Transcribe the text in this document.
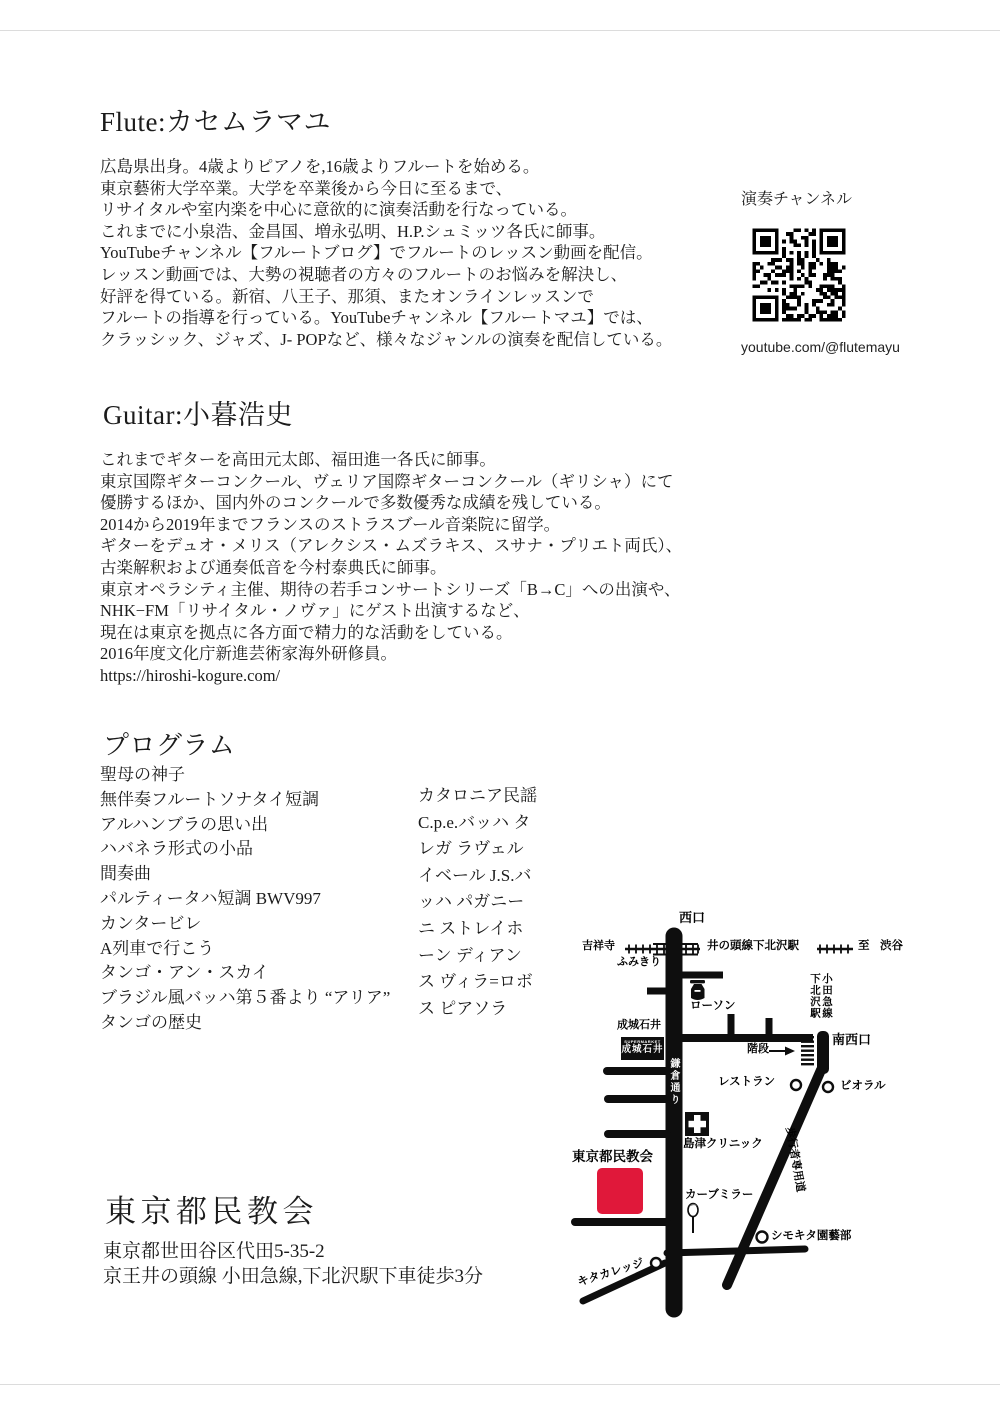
Flute:カセムラマユ
広島県出身。4歳よりピアノを,16歳よりフルートを始める。
東京藝術大学卒業。大学を卒業後から今日に至るまで、
リサイタルや室内楽を中心に意欲的に演奏活動を行なっている。
これまでに小泉浩、金昌国、増永弘明、H.P.シュミッツ各氏に師事。
YouTubeチャンネル【フルートブログ】でフルートのレッスン動画を配信。
レッスン動画では、大勢の視聴者の方々のフルートのお悩みを解決し、
好評を得ている。新宿、八王子、那須、またオンラインレッスンで
フルートの指導を行っている。YouTubeチャンネル【フルートマユ】では、
クラッシック、ジャズ、J- POPなど、様々なジャンルの演奏を配信している。
演奏チャンネル
youtube.com/@flutemayu
Guitar:小暮浩史
これまでギターを高田元太郎、福田進一各氏に師事。
東京国際ギターコンクール、ヴェリア国際ギターコンクール（ギリシャ）にて
優勝するほか、国内外のコンクールで多数優秀な成績を残している。
2014から2019年までフランスのストラスブール音楽院に留学。
ギターをデュオ・メリス（アレクシス・ムズラキス、スサナ・プリエト両氏）、
古楽解釈および通奏低音を今村泰典氏に師事。
東京オペラシティ主催、期待の若手コンサートシリーズ「B→C」への出演や、
NHK−FM「リサイタル・ノヴァ」にゲスト出演するなど、
現在は東京を拠点に各方面で精力的な活動をしている。
2016年度文化庁新進芸術家海外研修員。
https://hiroshi-kogure.com/
プログラム
聖母の神子
無伴奏フルートソナタイ短調
アルハンブラの思い出
ハバネラ形式の小品
間奏曲
パルティータハ短調 BWV997
カンタービレ
A列車で行こう
タンゴ・アン・スカイ
ブラジル風バッハ第５番より “アリア”
タンゴの歴史
カタロニア民謡
C.p.e.バッハ タ
レガ ラヴェル
イベール J.S.バ
ッハ パガニー
ニ ストレイホ
ーン ディアン
ス ヴィラ=ロボ
ス ピアソラ
西口
吉祥寺	井の頭線下北沢駅	至 渋谷
ふみきり
ローソン
成城石井
SUPERMARKET
成城石井	階段
南西口
小田急線
下北沢駅
レストラン	ビオラル
鎌倉通り
歩行者専用道
島津クリニック
東京都民教会
カーブミラー
シモキタ園藝部
キタカレッジ
東京都民教会
東京都世田谷区代田5-35-2
京王井の頭線 小田急線,下北沢駅下車徒歩3分
